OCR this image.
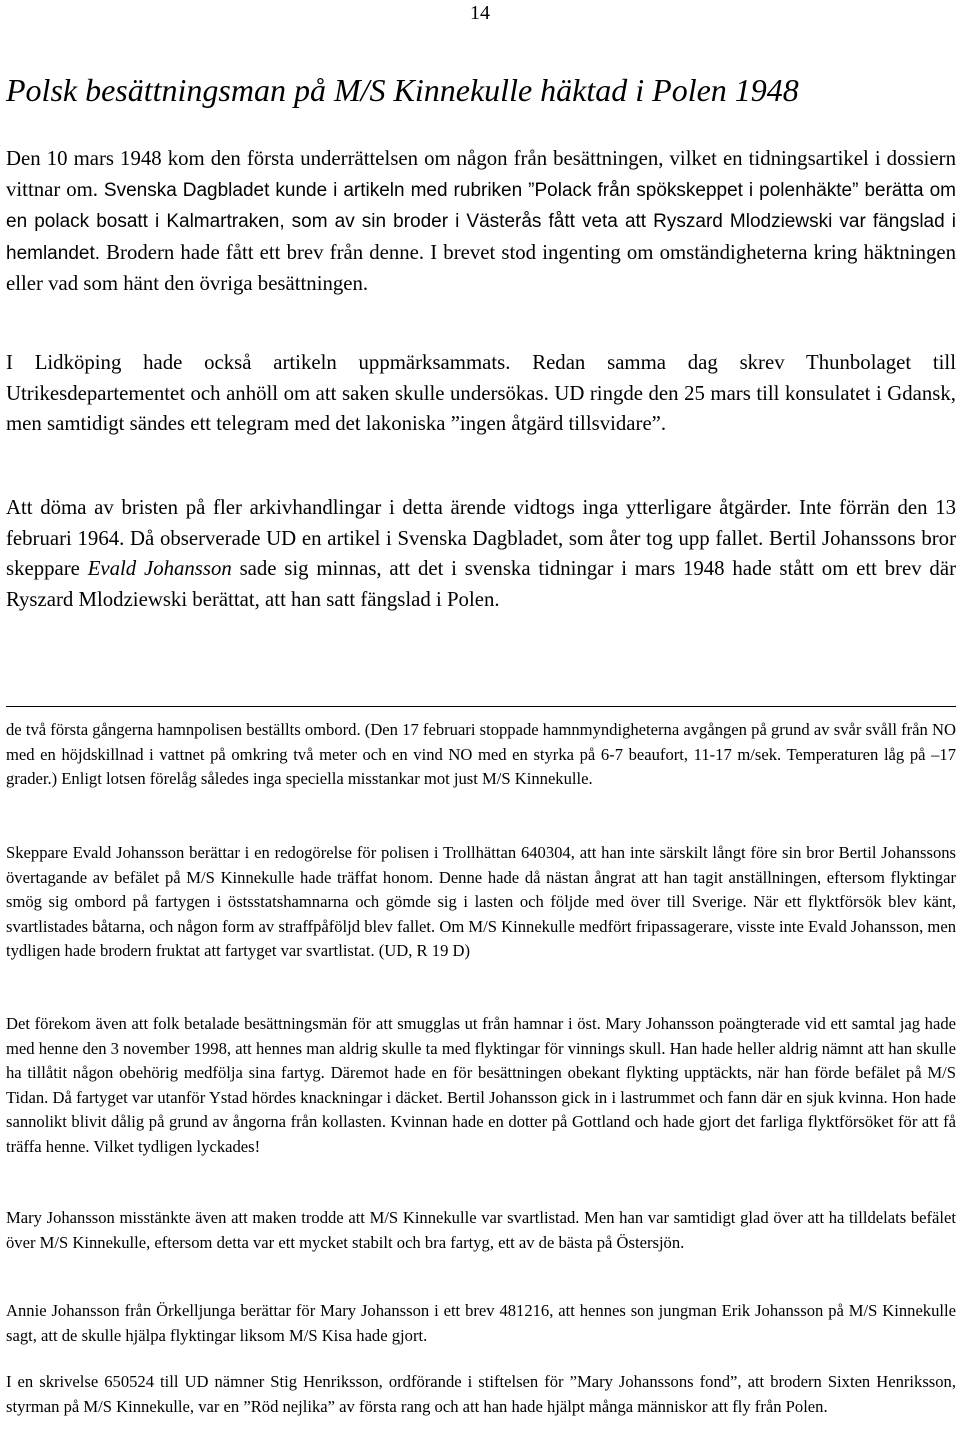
14
Polsk besättningsman på M/S Kinnekulle häktad i Polen 1948

Den 10 mars 1948 kom den första underrättelsen om någon från besättningen, vilket en tidningsartikel i dossiern vittnar om. Svenska Dagbladet kunde i artikeln med rubriken ”Polack från spökskeppet i polenhäkte” berätta om en polack bosatt i Kalmartraken, som av sin broder i Västerås fått veta att Ryszard Mlodziewski var fängslad i hemlandet. Brodern hade fått ett brev från denne. I brevet stod ingenting om omständigheterna kring häktningen eller vad som hänt den övriga besättningen.

I Lidköping hade också artikeln uppmärksammats. Redan samma dag skrev Thunbolaget till Utrikesdepartementet och anhöll om att saken skulle undersökas. UD ringde den 25 mars till konsulatet i Gdansk, men samtidigt sändes ett telegram med det lakoniska ”ingen åtgärd tillsvidare”.

Att döma av bristen på fler arkivhandlingar i detta ärende vidtogs inga ytterligare åtgärder. Inte förrän den 13 februari 1964. Då observerade UD en artikel i Svenska Dagbladet, som åter tog upp fallet. Bertil Johanssons bror skeppare Evald Johansson sade sig minnas, att det i svenska tidningar i mars 1948 hade stått om ett brev där Ryszard Mlodziewski berättat, att han satt fängslad i Polen.

de två första gångerna hamnpolisen beställts ombord. (Den 17 februari stoppade hamnmyndigheterna avgången på grund av svår svåll från NO med en höjdskillnad i vattnet på omkring två meter och en vind NO med en styrka på 6-7 beaufort, 11-17 m/sek. Temperaturen låg på –17 grader.) Enligt lotsen förelåg således inga speciella misstankar mot just M/S Kinnekulle.

Skeppare Evald Johansson berättar i en redogörelse för polisen i Trollhättan 640304, att han inte särskilt långt före sin bror Bertil Johanssons övertagande av befälet på M/S Kinnekulle hade träffat honom. Denne hade då nästan ångrat att han tagit anställningen, eftersom flyktingar smög sig ombord på fartygen i östsstatshamnarna och gömde sig i lasten och följde med över till Sverige. När ett flyktförsök blev känt, svartlistades båtarna, och någon form av straffpåföljd blev fallet. Om M/S Kinnekulle medfört fripassagerare, visste inte Evald Johansson, men tydligen hade brodern fruktat att fartyget var svartlistat. (UD, R 19 D)

Det förekom även att folk betalade besättningsmän för att smugglas ut från hamnar i öst. Mary Johansson poängterade vid ett samtal jag hade med henne den 3 november 1998, att hennes man aldrig skulle ta med flyktingar för vinnings skull. Han hade heller aldrig nämnt att han skulle ha tillåtit någon obehörig medfölja sina fartyg. Däremot hade en för besättningen obekant flykting upptäckts, när han förde befälet på M/S Tidan. Då fartyget var utanför Ystad hördes knackningar i däcket. Bertil Johansson gick in i lastrummet och fann där en sjuk kvinna. Hon hade sannolikt blivit dålig på grund av ångorna från kollasten. Kvinnan hade en dotter på Gottland och hade gjort det farliga flyktförsöket för att få träffa henne. Vilket tydligen lyckades!

Mary Johansson misstänkte även att maken trodde att M/S Kinnekulle var svartlistad. Men han var samtidigt glad över att ha tilldelats befälet över M/S Kinnekulle, eftersom detta var ett mycket stabilt och bra fartyg, ett av de bästa på Östersjön.

Annie Johansson från Örkelljunga berättar för Mary Johansson i ett brev 481216, att hennes son jungman Erik Johansson på M/S Kinnekulle sagt, att de skulle hjälpa flyktingar liksom M/S Kisa hade gjort.

I en skrivelse 650524 till UD nämner Stig Henriksson, ordförande i stiftelsen för ”Mary Johanssons fond”, att brodern Sixten Henriksson, styrman på M/S Kinnekulle, var en ”Röd nejlika” av första rang och att han hade hjälpt många människor att fly från Polen.
